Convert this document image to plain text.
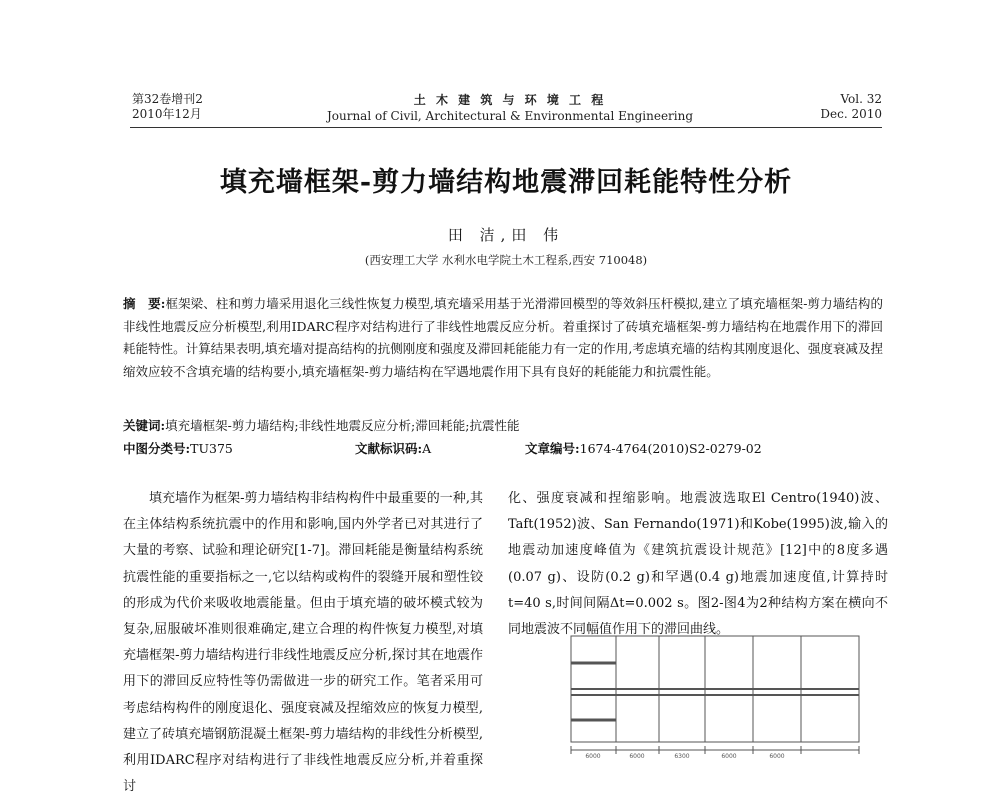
第32卷增刊2
2010年12月
土 木 建 筑 与 环 境 工 程
Journal of Civil, Architectural & Environmental Engineering
Vol. 32
Dec. 2010
填充墙框架-剪力墙结构地震滞回耗能特性分析
田 洁,田 伟
(西安理工大学 水利水电学院土木工程系,西安 710048)
摘　要:框架梁、柱和剪力墙采用退化三线性恢复力模型,填充墙采用基于光滑滞回模型的等效斜压杆模拟,建立了填充墙框架-剪力墙结构的非线性地震反应分析模型,利用IDARC程序对结构进行了非线性地震反应分析。着重探讨了砖填充墙框架-剪力墙结构在地震作用下的滞回耗能特性。计算结果表明,填充墙对提高结构的抗侧刚度和强度及滞回耗能能力有一定的作用,考虑填充墙的结构其刚度退化、强度衰减及捏缩效应较不含填充墙的结构要小,填充墙框架-剪力墙结构在罕遇地震作用下具有良好的耗能能力和抗震性能。
关键词:填充墙框架-剪力墙结构;非线性地震反应分析;滞回耗能;抗震性能
中图分类号:TU375	文献标识码:A	文章编号:1674-4764(2010)S2-0279-02

填充墙作为框架-剪力墙结构非结构构件中最重要的一种,其在主体结构系统抗震中的作用和影响,国内外学者已对其进行了大量的考察、试验和理论研究[1-7]。滞回耗能是衡量结构系统抗震性能的重要指标之一,它以结构或构件的裂缝开展和塑性铰的形成为代价来吸收地震能量。但由于填充墙的破坏模式较为复杂,屈服破坏准则很难确定,建立合理的构件恢复力模型,对填充墙框架-剪力墙结构进行非线性地震反应分析,探讨其在地震作用下的滞回反应特性等仍需做进一步的研究工作。笔者采用可考虑结构构件的刚度退化、强度衰减及捏缩效应的恢复力模型,建立了砖填充墙钢筋混凝土框架-剪力墙结构的非线性分析模型,利用IDARC程序对结构进行了非线性地震反应分析,并着重探讨

化、强度衰减和捏缩影响。地震波选取El Centro(1940)波、Taft(1952)波、San Fernando(1971)和Kobe(1995)波,输入的地震动加速度峰值为《建筑抗震设计规范》[12]中的8度多遇(0.07 g)、设防(0.2 g)和罕遇(0.4 g)地震加速度值,计算持时t=40 s,时间间隔Δt=0.002 s。图2-图4为2种结构方案在横向不同地震波不同幅值作用下的滞回曲线。

6000	6000	6300	6000	6000
